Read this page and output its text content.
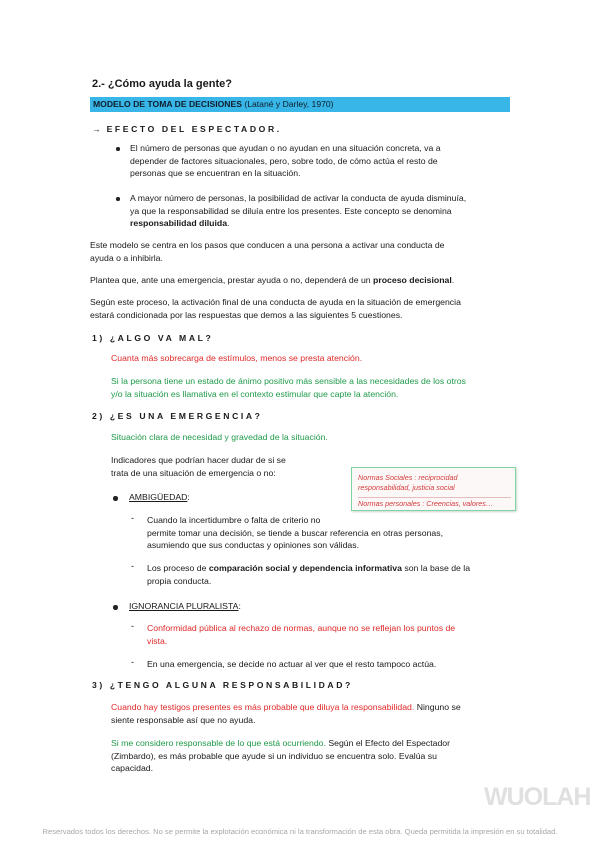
2.- ¿Cómo ayuda la gente?
MODELO DE TOMA DE DECISIONES (Latané y Darley, 1970)
→ EFECTO DEL ESPECTADOR.
El número de personas que ayudan o no ayudan en una situación concreta, va a
depender de factores situacionales, pero, sobre todo, de cómo actúa el resto de
personas que se encuentran en la situación.
A mayor número de personas, la posibilidad de activar la conducta de ayuda disminuía,
ya que la responsabilidad se diluía entre los presentes. Este concepto se denomina
responsabilidad diluida.
Este modelo se centra en los pasos que conducen a una persona a activar una conducta de
ayuda o a inhibirla.
Plantea que, ante una emergencia, prestar ayuda o no, dependerá de un proceso decisional.
Según este proceso, la activación final de una conducta de ayuda en la situación de emergencia
estará condicionada por las respuestas que demos a las siguientes 5 cuestiones.
1) ¿ALGO VA MAL?
Cuanta más sobrecarga de estímulos, menos se presta atención.
Si la persona tiene un estado de ánimo positivo más sensible a las necesidades de los otros
y/o la situación es llamativa en el contexto estimular que capte la atención.
2) ¿ES UNA EMERGENCIA?
Situación clara de necesidad y gravedad de la situación.
Indicadores que podrían hacer dudar de si se
trata de una situación de emergencia o no:	Normas Sociales : reciprocidad
responsabilidad, justicia social
Normas personales : Creencias, valores…
AMBIGÜEDAD:
- Cuando la incertidumbre o falta de criterio no
permite tomar una decisión, se tiende a buscar referencia en otras personas,
asumiendo que sus conductas y opiniones son válidas.
- Los proceso de comparación social y dependencia informativa son la base de la
propia conducta.
IGNORANCIA PLURALISTA:
- Conformidad pública al rechazo de normas, aunque no se reflejan los puntos de
vista.
- En una emergencia, se decide no actuar al ver que el resto tampoco actúa.
3) ¿TENGO ALGUNA RESPONSABILIDAD?
Cuando hay testigos presentes es más probable que diluya la responsabilidad. Ninguno se
siente responsable así que no ayuda.
Si me considero responsable de lo que está ocurriendo. Según el Efecto del Espectador
(Zimbardo), es más probable que ayude si un individuo se encuentra solo. Evalúa su
capacidad.
WUOLAH
Reservados todos los derechos. No se permite la explotación económica ni la transformación de esta obra. Queda permitida la impresión en su totalidad.
